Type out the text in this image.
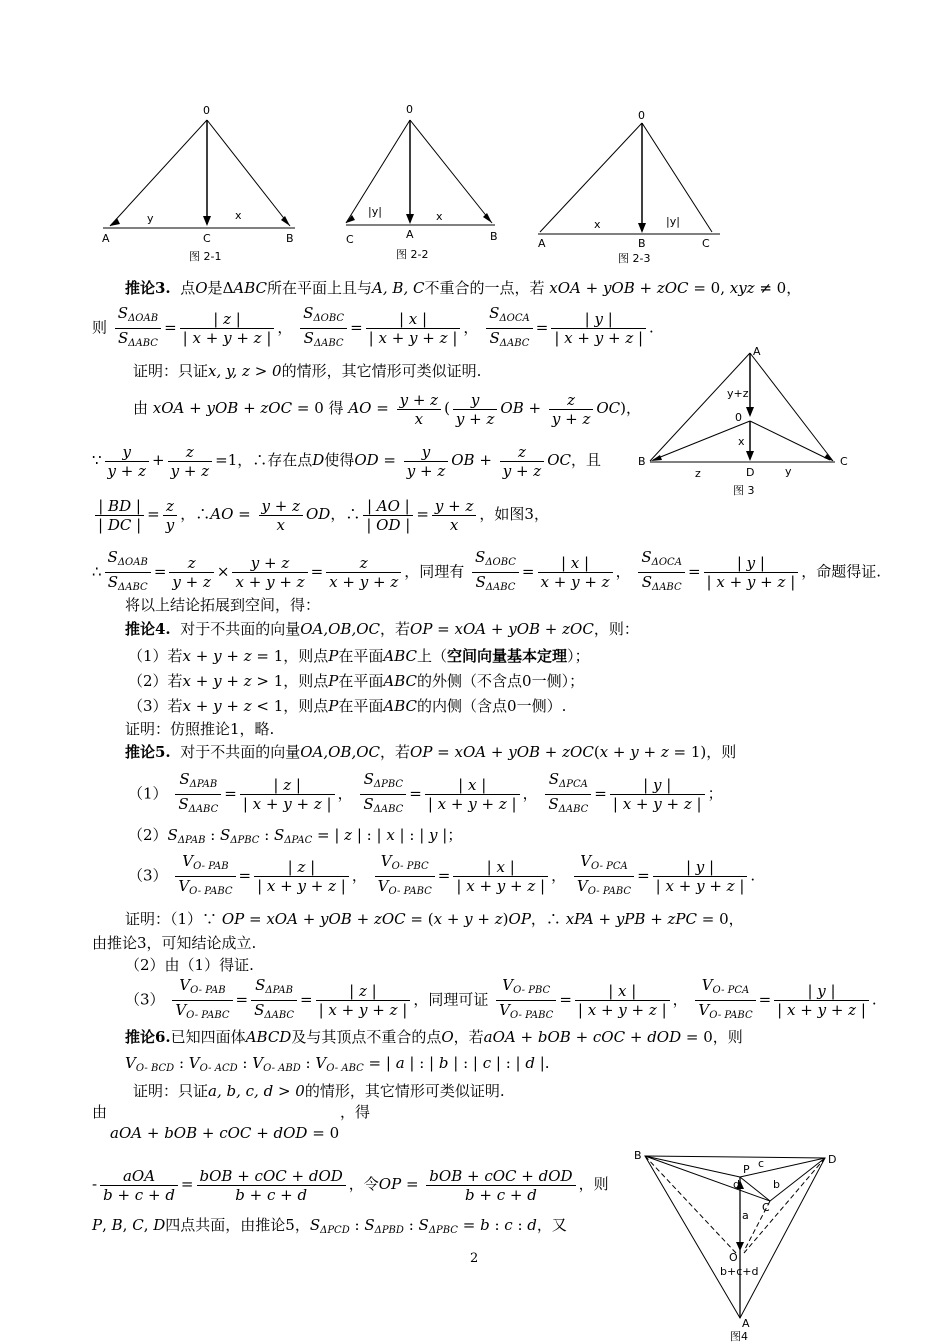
0
A	C	B
y	x
图 2-1
0
C	A	B
|y|	x
图 2-2
0
A	B	C
x	|y|
图 2-3
A
0
B
D
C
y+z
x
z	y
图 3
B	D
P c
C
b
d
a
O
b+c+d
A
图4
推论3. 点O是ΔABC所在平面上且与A, B, C不重合的一点，若 xOA + yOB + zOC = 0, xyz ≠ 0，
则 $\frac{S_{\Delta OAB}}{S_{\Delta ABC}} = \frac{| z |}{| x + y + z |}$ ， $\frac{S_{\Delta OBC}}{S_{\Delta ABC}} = \frac{| x |}{| x + y + z |}$ ， $\frac{S_{\Delta OCA}}{S_{\Delta ABC}} = \frac{| y |}{| x + y + z |}$ .
证明：只证x, y, z > 0的情形，其它情形可类似证明.
由 xOA + yOB + zOC = 0 得 AO = $\frac{y + z}{x}$ ( $\frac{y}{y + z}$ OB + $\frac{z}{y + z} OC$)，
∵ $\frac{y}{y + z} + \frac{z}{y + z} =1$，∴存在点D使得OD = $\frac{y}{y + z}$ OB + $\frac{z}{y + z}$ OC，且
$\frac{| BD |}{| DC |} = \frac{z}{y}$ ，∴AO = $\frac{y + z}{x}$ OD，∴ $\frac{| AO |}{| OD |} = \frac{y + z}{x}$ ，如图3，
∴ $\frac{S_{\Delta OAB}}{S_{\Delta ABC}} = \frac{z}{y + z} \times \frac{y + z}{x + y + z} = \frac{z}{x + y + z}$ ，同理有 $\frac{S_{\Delta OBC}}{S_{\Delta ABC}} = \frac{| x |}{x + y + z}$ ， $\frac{S_{\Delta OCA}}{S_{\Delta ABC}} = \frac{| y |}{| x + y + z |}$ ，命题得证.
将以上结论拓展到空间，得：
推论4. 对于不共面的向量OA,OB,OC，若OP = xOA + yOB + zOC，则：
（1）若x + y + z = 1，则点P在平面ABC上（空间向量基本定理）；
（2）若x + y + z > 1，则点P在平面ABC的外侧（不含点0一侧）；
（3）若x + y + z < 1，则点P在平面ABC的内侧（含点0一侧）.
证明：仿照推论1，略.
推论5. 对于不共面的向量OA,OB,OC，若OP = xOA + yOB + zOC(x + y + z = 1)，则
$(1) \frac{S_{\Delta PAB}}{S_{\Delta ABC}} = \frac{| z |}{| x + y + z |}$ ， $\frac{S_{\Delta PBC}}{S_{\Delta ABC}} = \frac{| x |}{| x + y + z |}$ ， $\frac{S_{\Delta PCA}}{S_{\Delta ABC}} = \frac{| y |}{| x + y + z |}$ ；
$(2)S_{\Delta PAB}$ : $S_{\Delta PBC}$ : $S_{\Delta PAC}$ = | z | : | x | : | y |；
$(3) \frac{V_{O- PAB}}{V_{O- PABC}} = \frac{| z |}{| x + y + z |}$ ， $\frac{V_{O- PBC}}{V_{O- PABC}} = \frac{| x |}{| x + y + z |}$ ， $\frac{V_{O- PCA}}{V_{O- PABC}} = \frac{| y |}{| x + y + z |}$ .
证明：（1）∵ OP = xOA + yOB + zOC = (x + y + z)OP，∴ xPA + yPB + zPC = 0，
由推论3，可知结论成立.
（2）由（1）得证.
$(3) \frac{V_{O- PAB}}{V_{O- PABC}} = \frac{S_{\Delta PAB}}{S_{\Delta ABC}} = \frac{| z |}{| x + y + z |}$ ，同理可证 $\frac{V_{O- PBC}}{V_{O- PABC}} = \frac{| x |}{| x + y + z |}$ ， $\frac{V_{O- PCA}}{V_{O- PABC}} = \frac{| y |}{| x + y + z |}$ .
推论6.已知四面体ABCD及与其顶点不重合的点O，若aOA + bOB + cOC + dOD = 0，则
$V_{O- BCD}$ : $V_{O- ACD}$ : $V_{O- ABD}$ : $V_{O- ABC}$ = | a | : | b | : | c | : | d |.
证明：只证a, b, c, d > 0的情形，其它情形可类似证明.
由	，得
aOA + bOB + cOC + dOD = 0
- $\frac{\text{aOA}}{b + c + d} = \frac{\text{bOB + cOC + dOD}}{b + c + d}$ ，令OP = $\frac{\text{bOB + cOC + dOD}}{b + c + d}$ ，则
P, B, C, D四点共面，由推论5，$S_{\Delta PCD}$ : $S_{\Delta PBD}$ : $S_{\Delta PBC} = b$ : c : d，又
2
